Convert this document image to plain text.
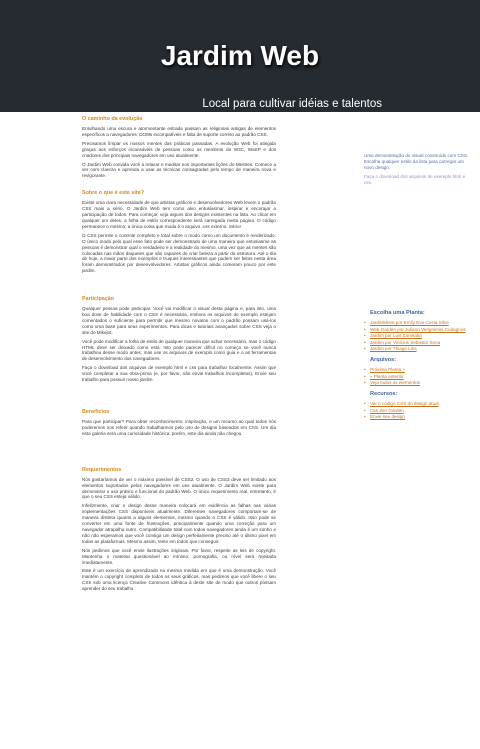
Jardim Web
Local para cultivar idéias e talentos
O caminho da evolução

Entulhando uma escura e atormentante estrada passam as religiosas antigas de elementos específicos a navegadores, DOMs incompatíveis e falta de suporte correto ao padrão CSS.

Precisamos limpar os nossos mentes das práticas passadas. A evolução Web foi atingida graças aos esforços incansáveis de pessoas como os membros do W3C, WaSP e dos criadores dos principais navegadores em uso atualmente.

O Jardim Web convida você a relaxar e meditar nos importantes lições do Mestres. Comece a ver com clareza e aprenda a usar as técnicas consagradas pelo tempo de maneira nova e revigorante.

Sobre o que é este site?

Existe uma clara necessidade de que artistas gráficos e desenvolvedores Web levem o padrão CSS mais a sério. O Jardim Web tem como alvo entusiasmar, inspirar e encorajar a participação de todos. Para começar, veja alguns dos designs existentes na lista. Ao clicar em qualquer um deles, a folha de estilo correspondente será carregada nesta página. O código permanece o mesmo; a única coisa que muda é o arquivo .css externo. Sério!

O CSS permite o controle completo e total sobre o modo como um documento é renderizado. O único modo pelo qual esse fato pode ser demonstrado de uma maneira que entusiasme as pessoas é demonstrar qual o verdadeiro e a realidade do mesmo, uma vez que as mentes são colocadas nas mãos daqueles que são capazes de criar beleza a partir da estrutura. Até o dia de hoje, a maior parte dos exemplos e truques interessantes que podem ser feitos nesta área foram demonstrados por desenvolvedores. Artistas gráficos ainda comeram pouco por este jardim.

Participação

Qualquer pessoa pode participar. Você vai modificar o visual desta página e, para isto, uma boa dose de habilidade com o CSS é necessária, embora os arquivos de exemplo estejam comentados o suficiente para permitir que mesmo novatos com o padrão possam usá-los como uma base para seus experimentos. Para dicas e tutoriais avançados sobre CSS veja o site do Mikejot.

Você pode modificar a folha de estilo de qualquer maneira que achar necessário, mas o código HTML deve ser deixado como está. Isto pode parecer difícil no começo se você nunca trabalhou desse modo antes, mas use os arquivos de exemplo como guia e o as ferramentas de desenvolvimento dos navegadores.

Faça o download dos arquivos de exemplo html e css para trabalhar localmente. Assim que você completar a sua obra-prima (e, por favor, não envie trabalhos incompletos), Envie seu trabalho para possuir nosso jardim.

Benefícios

Para que participar? Para obter reconhecimento, inspiração, e um recurso ao qual todos nós poderemos nos referir quando trabalharmos pelo uso de designs baseados em CSS. Um dia esta galeria será uma curiosidade histórica; porém, este dia ainda não chegou.

Requerimentos

Nós gostaríamos de ver o máximo possível de CSS2. O uso de CSS3 deve ser limitado aos elementos suportados pelos navegadores em uso atualmente. O Jardim Web existe para demonstrar o uso prático e funcional do padrão Web. O único requerimento real, entretanto, é que o seu CSS esteja válido.

Infelizmente, criar o design desse maneira colocará em evidência as falhas nas várias implementações CSS disponíveis atualmente. Diferentes navegadores comportam-se de maneira distinta quanto a alguns elementos, mesmo quando o CSS é válido. Isso pode se converter em uma fonte de frustrações, principalmente quando uma correção para um navegador atrapalha outro. Compatibilidade total com todos navegadores ainda é um sonho e não não esperamos que você consiga um design perfeitamente preciso até o último pixel em todas as plataformas. Mesmo assim, teste em todos que conseguir.

Nós pedimos que você envie ilustrações originais. Por favor, respeite as leis de copyright. Mantenha o material questionável ao mínimo; pornografia, ou nível será rejeitada imediatamente.

Este é um exercício de aprendizado na mesma medida em que é uma demonstração. Você mantém o copyright completo de todos os seus gráficos, mas pedimos que você libere o seu CSS sob uma licença Creative Commons idêntica à deste site de modo que outros possam aprender do seu trabalho.

Uma demonstração do visual construído com CSS. Escolha qualquer estilo da lista para carregar um novo design.

Faça o download dos arquivos de exemplo html e css.

Escolha uma Planta:
• Jardinleleve por Emily Eve Costa Silva
• Web Garden por Juliano Verlgnimini Codagnos
• Jardim por Luis Zanetatto
• Jardim por Vinícius Sebastin Sena
• Jardim por Thiago Lins
Arquivos:
• Próxima Planta »
• « Planta anterior
• Veja todos os elementos
Recursos:
• Ver o código CSS do design atual
• Css Zen Garden
• Envie seu design
